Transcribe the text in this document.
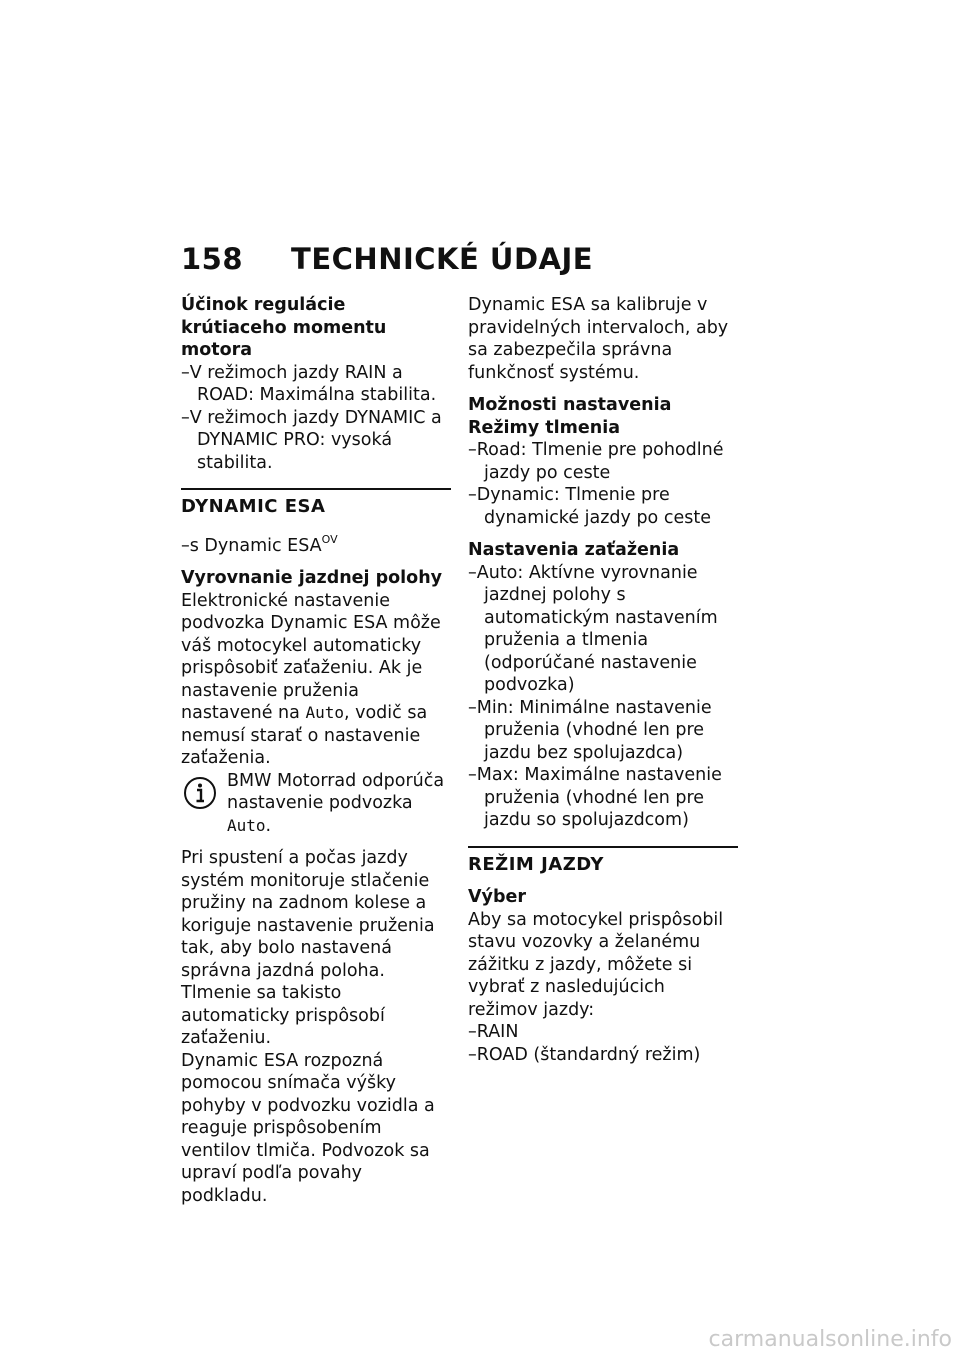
158 TECHNICKÉ ÚDAJE
Účinok regulácie krútiaceho momentu motora
–V režimoch jazdy RAIN a ROAD: Maximálna stabilita.
–V režimoch jazdy DYNAMIC a DYNAMIC PRO: vysoká stabilita.
DYNAMIC ESA
–s Dynamic $ESA^{OV}$
Vyrovnanie jazdnej polohy

Elektronické nastavenie podvozka Dynamic ESA môže váš motocykel automaticky prispôsobiť zaťaženiu. Ak je nastavenie pruženia nastavené na Auto, vodič sa nemusí starať o nastavenie zaťaženia.

BMW Motorrad odporúča nastavenie podvozka Auto.

Pri spustení a počas jazdy systém monitoruje stlačenie pružiny na zadnom kolese a koriguje nastavenie pruženia tak, aby bolo nastavená správna jazdná poloha. Tlmenie sa takisto automaticky prispôsobí zaťaženiu.

Dynamic ESA rozpozná pomocou snímača výšky pohyby v podvozku vozidla a reaguje prispôsobením ventilov tlmiča. Podvozok sa upraví podľa povahy podkladu.

Dynamic ESA sa kalibruje v pravidelných intervaloch, aby sa zabezpečila správna funkčnosť systému.

Možnosti nastavenia
Režimy tlmenia
–Road: Tlmenie pre pohodlné jazdy po ceste
–Dynamic: Tlmenie pre dynamické jazdy po ceste
Nastavenia zaťaženia
–Auto: Aktívne vyrovnanie jazdnej polohy s automatickým nastavením pruženia a tlmenia (odporúčané nastavenie podvozka)
–Min: Minimálne nastavenie pruženia (vhodné len pre jazdu bez spolujazdca)
–Max: Maximálne nastavenie pruženia (vhodné len pre jazdu so spolujazdcom)
REŽIM JAZDY
Výber

Aby sa motocykel prispôsobil stavu vozovky a želanému zážitku z jazdy, môžete si vybrať z nasledujúcich režimov jazdy:

–RAIN
–ROAD (štandardný režim)
carmanualsonline.info
